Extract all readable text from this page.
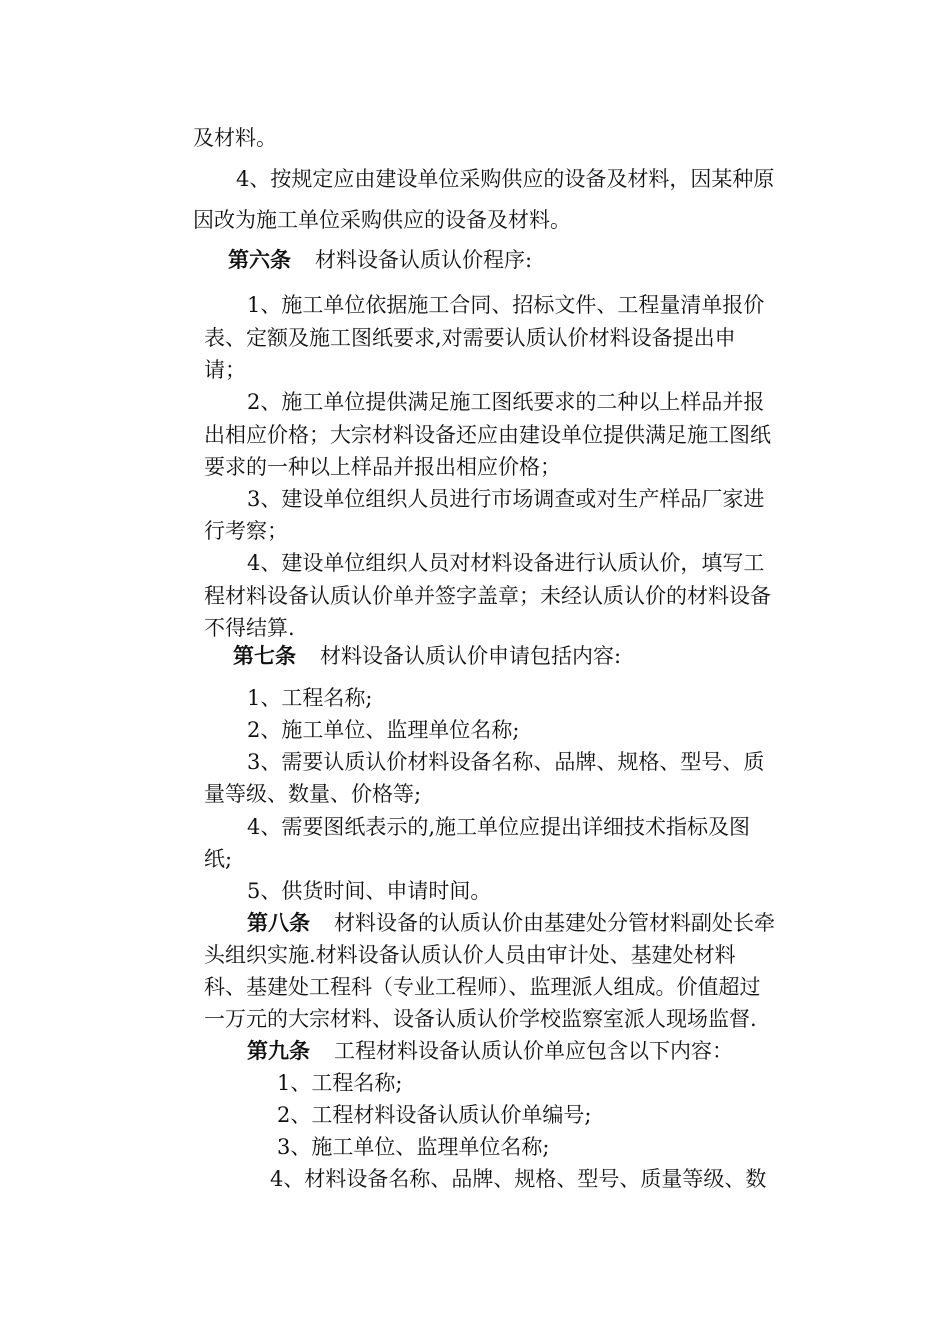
及材料。
4、按规定应由建设单位采购供应的设备及材料，因某种原
因改为施工单位采购供应的设备及材料。
第六条 材料设备认质认价程序:
1、施工单位依据施工合同、招标文件、工程量清单报价
表、定额及施工图纸要求,对需要认质认价材料设备提出申
请；
2、施工单位提供满足施工图纸要求的二种以上样品并报
出相应价格；大宗材料设备还应由建设单位提供满足施工图纸
要求的一种以上样品并报出相应价格；
3、建设单位组织人员进行市场调查或对生产样品厂家进
行考察；
4、建设单位组织人员对材料设备进行认质认价，填写工
程材料设备认质认价单并签字盖章；未经认质认价的材料设备
不得结算.
第七条 材料设备认质认价申请包括内容:
1、工程名称;
2、施工单位、监理单位名称;
3、需要认质认价材料设备名称、品牌、规格、型号、质
量等级、数量、价格等;
4、需要图纸表示的,施工单位应提出详细技术指标及图
纸;
5、供货时间、申请时间。
第八条 材料设备的认质认价由基建处分管材料副处长牵
头组织实施.材料设备认质认价人员由审计处、基建处材料
科、基建处工程科（专业工程师）、监理派人组成。价值超过
一万元的大宗材料、设备认质认价学校监察室派人现场监督.
第九条 工程材料设备认质认价单应包含以下内容：
1、工程名称;
2、工程材料设备认质认价单编号;
3、施工单位、监理单位名称;
4、材料设备名称、品牌、规格、型号、质量等级、数
